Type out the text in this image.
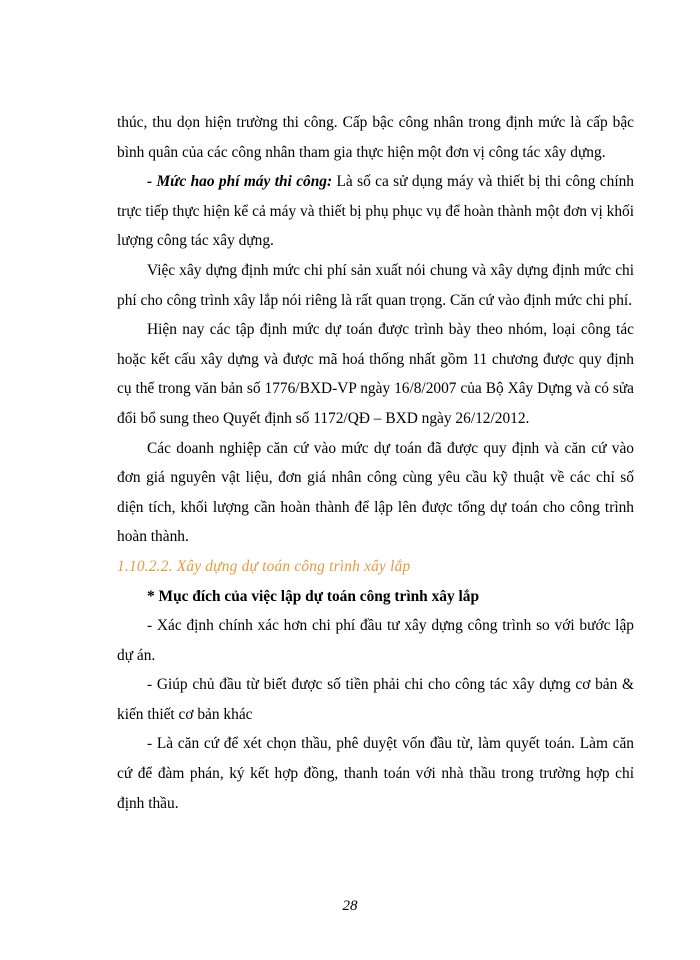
thúc, thu dọn hiện trường thi công. Cấp bậc công nhân trong định mức là cấp bậc bình quân của các công nhân tham gia thực hiện một đơn vị công tác xây dựng.

- Mức hao phí máy thi công: Là số ca sử dụng máy và thiết bị thi công chính trực tiếp thực hiện kể cả máy và thiết bị phụ phục vụ để hoàn thành một đơn vị khối lượng công tác xây dựng.

Việc xây dựng định mức chi phí sản xuất nói chung và xây dựng định mức chi phí cho công trình xây lắp nói riêng là rất quan trọng. Căn cứ vào định mức chi phí.

Hiện nay các tập định mức dự toán được trình bày theo nhóm, loại công tác hoặc kết cấu xây dựng và được mã hoá thống nhất gồm 11 chương được quy định cụ thể trong văn bản số 1776/BXD-VP ngày 16/8/2007 của Bộ Xây Dựng và có sửa đổi bổ sung theo Quyết định số 1172/QĐ – BXD ngày 26/12/2012.

Các doanh nghiệp căn cứ vào mức dự toán đã được quy định và căn cứ vào đơn giá nguyên vật liệu, đơn giá nhân công cùng yêu cầu kỹ thuật về các chỉ số diện tích, khối lượng cần hoàn thành để lập lên được tổng dự toán cho công trình hoàn thành.

1.10.2.2. Xây dựng dự toán công trình xây lắp

* Mục đích của việc lập dự toán công trình xây lắp

- Xác định chính xác hơn chi phí đầu tư xây dựng công trình so với bước lập dự án.

- Giúp chủ đầu từ biết được số tiền phải chi cho công tác xây dựng cơ bản & kiến thiết cơ bản khác

- Là căn cứ để xét chọn thầu, phê duyệt vốn đầu từ, làm quyết toán. Làm căn cứ để đàm phán, ký kết hợp đồng, thanh toán với nhà thầu trong trường hợp chỉ định thầu.

28
